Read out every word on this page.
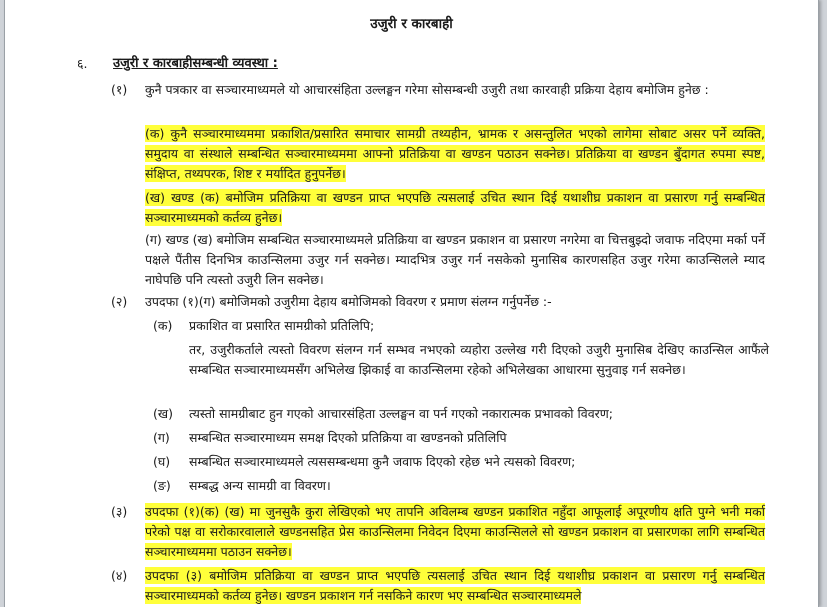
उजुरी र कारबाही
६. उजुरी र कारबाहीसम्बन्धी व्यवस्था :
(१) कुनै पत्रकार वा सञ्चारमाध्यमले यो आचारसंहिता उल्लङ्घन गरेमा सोसम्बन्धी उजुरी तथा कारवाही प्रक्रिया देहाय बमोजिम हुनेछ :
(क) कुनै सञ्चारमाध्यममा प्रकाशित/प्रसारित समाचार सामग्री तथ्यहीन, भ्रामक र असन्तुलित भएको लागेमा सोबाट असर पर्ने व्यक्ति, समुदाय वा संस्थाले सम्बन्धित सञ्चारमाध्यममा आफ्नो प्रतिक्रिया वा खण्डन पठाउन सक्नेछ। प्रतिक्रिया वा खण्डन बुँदागत रुपमा स्पष्ट, संक्षिप्त, तथ्यपरक, शिष्ट र मर्यादित हुनुपर्नेछ।
(ख) खण्ड (क) बमोजिम प्रतिक्रिया वा खण्डन प्राप्त भएपछि त्यसलाई उचित स्थान दिई यथाशीघ्र प्रकाशन वा प्रसारण गर्नु सम्बन्धित सञ्चारमाध्यमको कर्तव्य हुनेछ।
(ग) खण्ड (ख) बमोजिम सम्बन्धित सञ्चारमाध्यमले प्रतिक्रिया वा खण्डन प्रकाशन वा प्रसारण नगरेमा वा चित्तबुझ्दो जवाफ नदिएमा मर्का पर्ने पक्षले पैंतीस दिनभित्र काउन्सिलमा उजुर गर्न सक्नेछ। म्यादभित्र उजुर गर्न नसकेको मुनासिब कारणसहित उजुर गरेमा काउन्सिलले म्याद नाघेपछि पनि त्यस्तो उजुरी लिन सक्नेछ।
(२) उपदफा (१)(ग) बमोजिमको उजुरीमा देहाय बमोजिमको विवरण र प्रमाण संलग्न गर्नुपर्नेछ :-
(क) प्रकाशित वा प्रसारित सामग्रीको प्रतिलिपि;
तर, उजुरीकर्ताले त्यस्तो विवरण संलग्न गर्न सम्भव नभएको व्यहोरा उल्लेख गरी दिएको उजुरी मुनासिब देखिए काउन्सिल आफैंले सम्बन्धित सञ्चारमाध्यमसँग अभिलेख झिकाई वा काउन्सिलमा रहेको अभिलेखका आधारमा सुनुवाइ गर्न सक्नेछ।
(ख) त्यस्तो सामग्रीबाट हुन गएको आचारसंहिता उल्लङ्घन वा पर्न गएको नकारात्मक प्रभावको विवरण;
(ग) सम्बन्धित सञ्चारमाध्यम समक्ष दिएको प्रतिक्रिया वा खण्डनको प्रतिलिपि
(घ) सम्बन्धित सञ्चारमाध्यमले त्यससम्बन्धमा कुनै जवाफ दिएको रहेछ भने त्यसको विवरण;
(ङ) सम्बद्ध अन्य सामग्री वा विवरण।
(३) उपदफा (१)(क) (ख) मा जुनसुकै कुरा लेखिएको भए तापनि अविलम्ब खण्डन प्रकाशित नहुँदा आफूलाई अपूरणीय क्षति पुग्ने भनी मर्का परेको पक्ष वा सरोकारवालाले खण्डनसहित प्रेस काउन्सिलमा निवेदन दिएमा काउन्सिलले सो खण्डन प्रकाशन वा प्रसारणका लागि सम्बन्धित सञ्चारमाध्यममा पठाउन सक्नेछ।
(४) उपदफा (३) बमोजिम प्रतिक्रिया वा खण्डन प्राप्त भएपछि त्यसलाई उचित स्थान दिई यथाशीघ्र प्रकाशन वा प्रसारण गर्नु सम्बन्धित सञ्चारमाध्यमको कर्तव्य हुनेछ। खण्डन प्रकाशन गर्न नसकिने कारण भए सम्बन्धित सञ्चारमाध्यमले
